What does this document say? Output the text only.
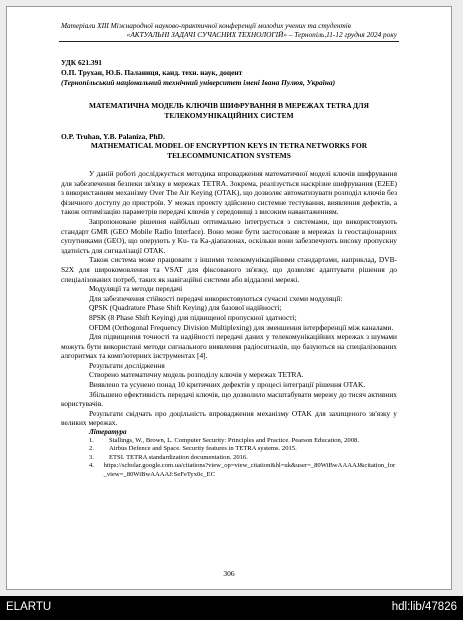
Матеріали XIII Міжнародної науково-практичної конференції молодих учених та студентів
«АКТУАЛЬНІ ЗАДАЧІ СУЧАСНИХ ТЕХНОЛОГІЙ» – Тернопіль,11-12 грудня 2024 року
УДК 621.391
О.П. Трухан, Ю.Б. Паланиця, канд. техн. наук, доцент
(Тернопільський національний технічний університет імені Івана Пулюя, Україна)
МАТЕМАТИЧНА МОДЕЛЬ КЛЮЧІВ ШИФРУВАННЯ В МЕРЕЖАХ TETRA ДЛЯ ТЕЛЕКОМУНІКАЦІЙНИХ СИСТЕМ
O.P. Truhan, Y.B. Palaniza, PhD.
MATHEMATICAL MODEL OF ENCRYPTION KEYS IN TETRA NETWORKS FOR TELECOMMUNICATION SYSTEMS
У даній роботі досліджується методика впровадження математичної моделі ключів шифрування для забезпечення безпеки зв'язку в мережах TETRA. Зокрема, реалізується наскрізне шифрування (E2EE) з використанням механізму Over The Air Keying (OTAK), що дозволяє автоматизувати розподіл ключів без фізичного доступу до пристроїв. У межах проекту здійснено системне тестування, виявлення дефектів, а також оптимізацію параметрів передачі ключів у середовищі з високим навантаженням.
Запропоноване рішення найбільш оптимально інтегрується з системами, що використовують стандарт GMR (GEO Mobile Radio Interface). Воно може бути застосоване в мережах із геостаціонарних супутниками (GEO), що оперують у Ku- та Ka-діапазонах, оскільки вони забезпечують високу пропускну здатність для сигналізації OTAK.
Також система може працювати з іншими телекомунікаційними стандартами, наприклад, DVB-S2X для широкомовлення та VSAT для фіксованого зв'язку, що дозволяє адаптувати рішення до спеціалізованих потреб, таких як навігаційні системи або віддалені мережі.
Модуляції та методи передачі
Для забезпечення стійкості передачі використовуються сучасні схеми модуляції:
QPSK (Quadrature Phase Shift Keying) для базової надійності;
8PSK (8 Phase Shift Keying) для підвищеної пропускної здатності;
OFDM (Orthogonal Frequency Division Multiplexing) для зменшення інтерференції між каналами.
Для підвищення точності та надійності передачі даних у телекомунікаційних мережах з шумами можуть бути використані методи сигнального виявлення радіосигналів, що базуються на спеціалізованих алгоритмах та комп'ютерних інструментах [4].
Результати дослідження
Створено математичну модель розподілу ключів у мережах TETRA.
Виявлено та усунено понад 10 критичних дефектів у процесі інтеграції рішення OTAK.
Збільшено ефективність передачі ключів, що дозволило масштабувати мережу до тисяч активних користувачів.
Результати свідчать про доцільність впровадження механізму OTAK для захищеного зв'язку у великих мережах.
Література
1.	Stallings, W., Brown, L. Computer Security: Principles and Practice. Pearson Education, 2008.
2.	Airbus Defence and Space. Security features in TETRA systems. 2015.
3.	ETSI. TETRA standardization documentation. 2016.
4.	https://scholar.google.com.ua/citations?view_op=view_citation&hl=uk&user=_80WiBwAAAAJ&citation_for_view=_80WiBwAAAAJ:SeFeTyx0c_EC
306
ELARTU	hdl:lib/47826
